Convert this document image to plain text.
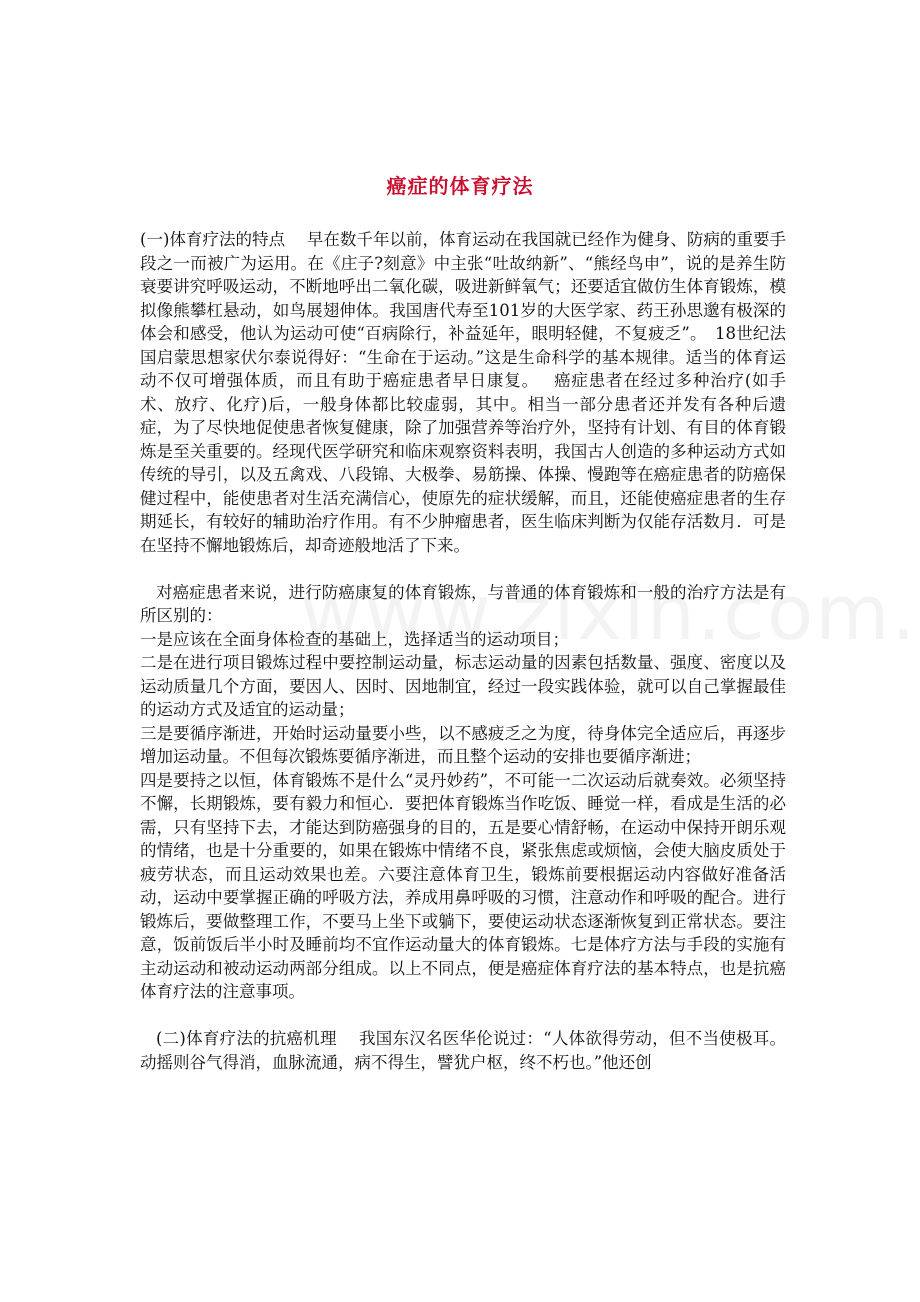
癌症的体育疗法

(一)体育疗法的特点　 早在数千年以前，体育运动在我国就已经作为健身、防病的重要手段之一而被广为运用。在《庄子?刻意》中主张“吐故纳新”、“熊经鸟申”，说的是养生防衰要讲究呼吸运动，不断地呼出二氧化碳，吸进新鲜氧气；还要适宜做仿生体育锻炼，模拟像熊攀杠悬动，如鸟展翅伸体。我国唐代寿至101岁的大医学家、药王孙思邈有极深的体会和感受，他认为运动可使“百病除行，补益延年，眼明轻健，不复疲乏”。　18世纪法国启蒙思想家伏尔泰说得好：“生命在于运动。”这是生命科学的基本规律。适当的体育运动不仅可增强体质，而且有助于癌症患者早日康复。　 癌症患者在经过多种治疗(如手术、放疗、化疗)后，一般身体都比较虚弱，其中。相当一部分患者还并发有各种后遗症，为了尽快地促使患者恢复健康，除了加强营养等治疗外，坚持有计划、有目的体育锻炼是至关重要的。经现代医学研究和临床观察资料表明，我国古人创造的多种运动方式如传统的导引，以及五禽戏、八段锦、大极拳、易筋操、体操、慢跑等在癌症患者的防癌保健过程中，能使患者对生活充满信心，使原先的症状缓解，而且，还能使癌症患者的生存期延长，有较好的辅助治疗作用。有不少肿瘤患者，医生临床判断为仅能存活数月．可是在坚持不懈地锻炼后，却奇迹般地活了下来。

对癌症患者来说，进行防癌康复的体育锻炼，与普通的体育锻炼和一般的治疗方法是有所区别的：

一是应该在全面身体检查的基础上，选择适当的运动项目；

二是在进行项目锻炼过程中要控制运动量，标志运动量的因素包括数量、强度、密度以及运动质量几个方面，要因人、因时、因地制宜，经过一段实践体验，就可以自己掌握最佳的运动方式及适宜的运动量；

三是要循序渐进，开始时运动量要小些，以不感疲乏之为度，待身体完全适应后，再逐步增加运动量。不但每次锻炼要循序渐进，而且整个运动的安排也要循序渐进；

四是要持之以恒，体育锻炼不是什么“灵丹妙药”，不可能一二次运动后就奏效。必须坚持不懈，长期锻炼，要有毅力和恒心．要把体育锻炼当作吃饭、睡觉一样，看成是生活的必需，只有坚持下去，才能达到防癌强身的目的，五是要心情舒畅，在运动中保持开朗乐观的情绪，也是十分重要的，如果在锻炼中情绪不良，紧张焦虑或烦恼，会使大脑皮质处于疲劳状态，而且运动效果也差。六要注意体育卫生，锻炼前要根据运动内容做好准备活动，运动中要掌握正确的呼吸方法，养成用鼻呼吸的习惯，注意动作和呼吸的配合。进行锻炼后，要做整理工作，不要马上坐下或躺下，要使运动状态逐渐恢复到正常状态。要注意，饭前饭后半小时及睡前均不宜作运动量大的体育锻炼。七是体疗方法与手段的实施有主动运动和被动运动两部分组成。以上不同点，便是癌症体育疗法的基本特点，也是抗癌体育疗法的注意事项。

(二)体育疗法的抗癌机理　 我国东汉名医华伦说过：“人体欲得劳动，但不当使极耳。动摇则谷气得消，血脉流通，病不得生，譬犹户枢，终不朽也。”他还创
